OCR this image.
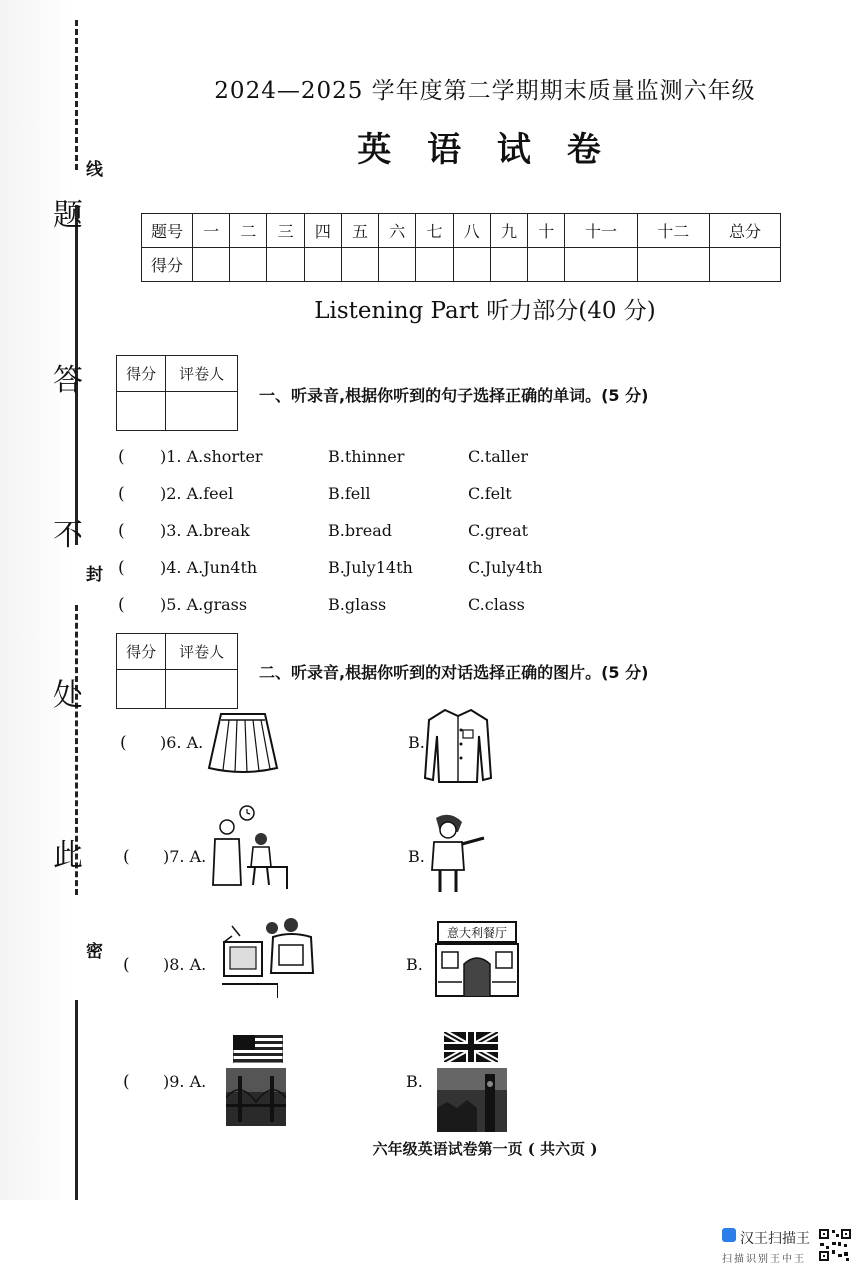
题
答
不
处
此
线
封
密
2024—2025 学年度第二学期期末质量监测六年级
英 语 试 卷
题号	一	二	三	四	五	六	七	八	九	十	十一	十二	总分
得分													
Listening Part 听力部分(40 分)
得分	评卷人

一、听录音,根据你听到的句子选择正确的单词。(5 分)
( )1. A.shorter	B.thinner	C.taller
( )2. A.feel	B.fell	C.felt
( )3. A.break	B.bread	C.great
( )4. A.Jun4th	B.July14th	C.July4th
( )5. A.grass	B.glass	C.class
得分	评卷人

二、听录音,根据你听到的对话选择正确的图片。(5 分)
( )6. A.	B.
( )7. A.	B.
( )8. A.	B.
意大利餐厅
( )9. A.	B.
六年级英语试卷第一页 ( 共六页 )
汉王扫描王
扫描识别王中王
